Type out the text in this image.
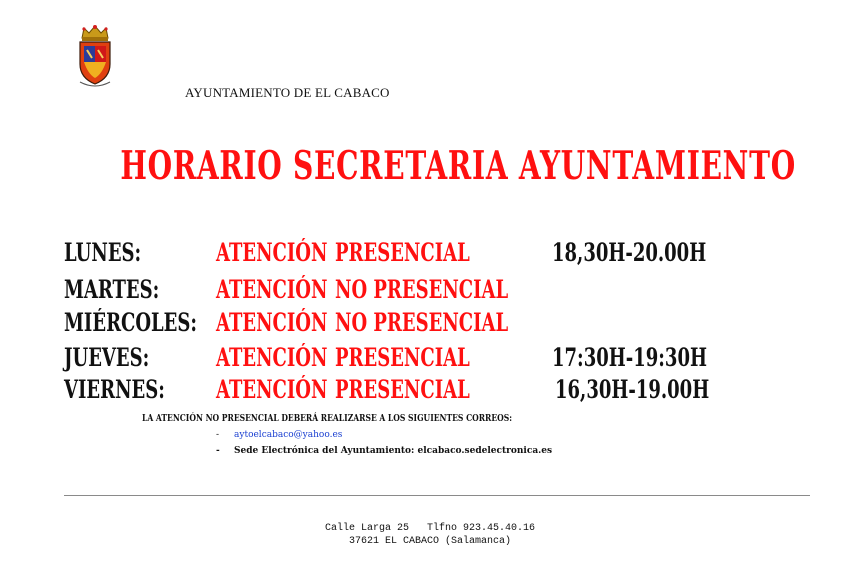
AYUNTAMIENTO DE EL CABACO
HORARIO SECRETARIA AYUNTAMIENTO
LUNES:	ATENCIÓN PRESENCIAL	18,30H-20.00H
MARTES: ATENCIÓN NO PRESENCIAL
MIÉRCOLES: ATENCIÓN NO PRESENCIAL
JUEVES:	ATENCIÓN PRESENCIAL	17:30H-19:30H
VIERNES: ATENCIÓN PRESENCIAL	16,30H-19.00H
LA ATENCIÓN NO PRESENCIAL DEBERÁ REALIZARSE A LOS SIGUIENTES CORREOS:
- aytoelcabaco@yahoo.es
- Sede Electrónica del Ayuntamiento: elcabaco.sedelectronica.es
Calle Larga 25   Tlfno 923.45.40.16
37621 EL CABACO (Salamanca)
